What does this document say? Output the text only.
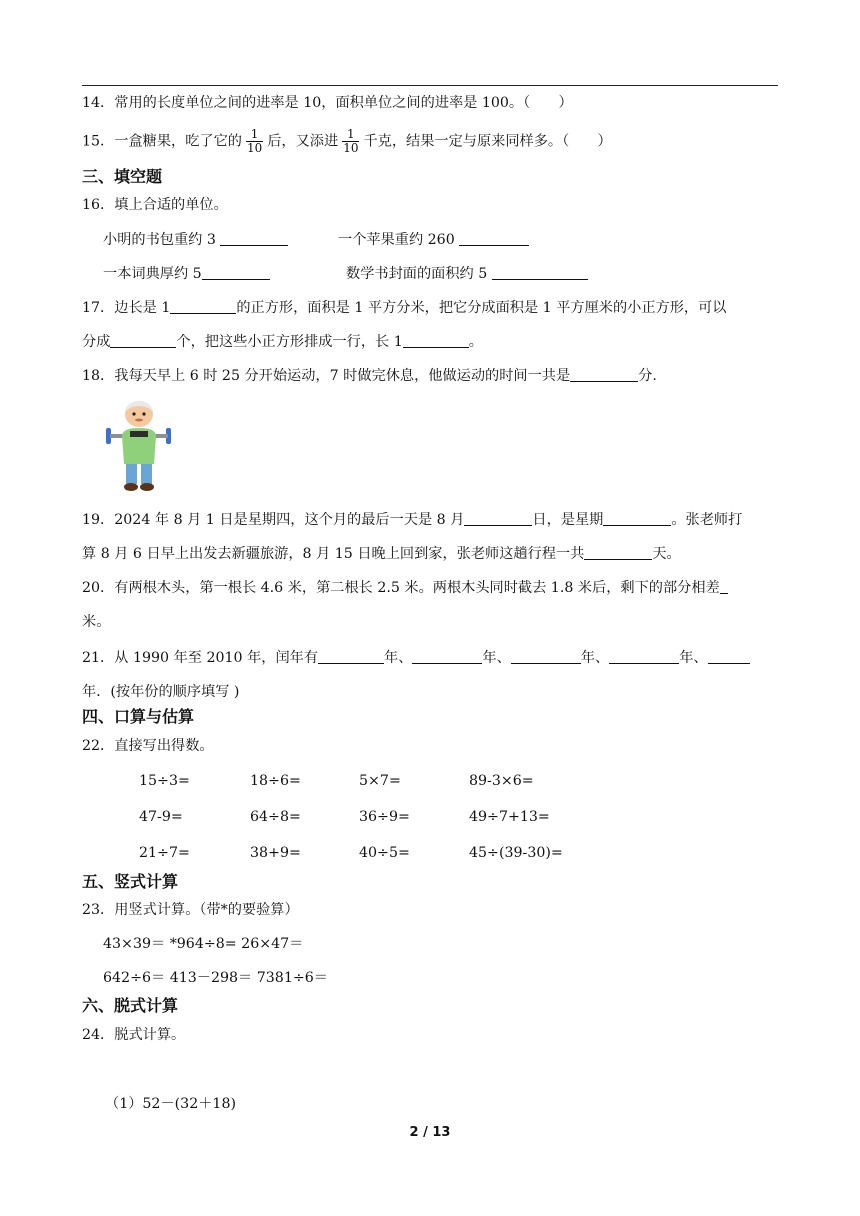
14．常用的长度单位之间的进率是 10，面积单位之间的进率是 100。（　　）
15．一盒糖果，吃了它的 $\frac{1}{10}$ 后，又添进 $\frac{1}{10}$ 千克，结果一定与原来同样多。（　　）
三、填空题
16．填上合适的单位。
小明的书包重约 3	一个苹果重约 260
一本词典厚约 5	数学书封面的面积约 5
17．边长是 1	的正方形，面积是 1 平方分米，把它分成面积是 1 平方厘米的小正方形，可以
分成	个，把这些小正方形排成一行，长 1	。
18．我每天早上 6 时 25 分开始运动，7 时做完休息，他做运动的时间一共是	分.
19．2024 年 8 月 1 日是星期四，这个月的最后一天是 8 月	日，是星期	。张老师打
算 8 月 6 日早上出发去新疆旅游，8 月 15 日晚上回到家，张老师这趟行程一共	天。
20．有两根木头，第一根长 4.6 米，第二根长 2.5 米。两根木头同时截去 1.8 米后，剩下的部分相差
米。
21．从 1990 年至 2010 年，闰年有	年、	年、	年、	年、
年．(按年份的顺序填写 )
四、口算与估算
22．直接写出得数。
15÷3=	18÷6=	5×7=	89-3×6=
47-9=	64÷8=	36÷9=	49÷7+13=
21÷7=	38+9=	40÷5=	45÷(39-30)=
五、竖式计算
23．用竖式计算。（带*的要验算）
43×39＝ *964÷8= 26×47＝
642÷6＝ 413－298＝ 7381÷6＝
六、脱式计算
24．脱式计算。
（1）52－(32＋18)
2 / 13
